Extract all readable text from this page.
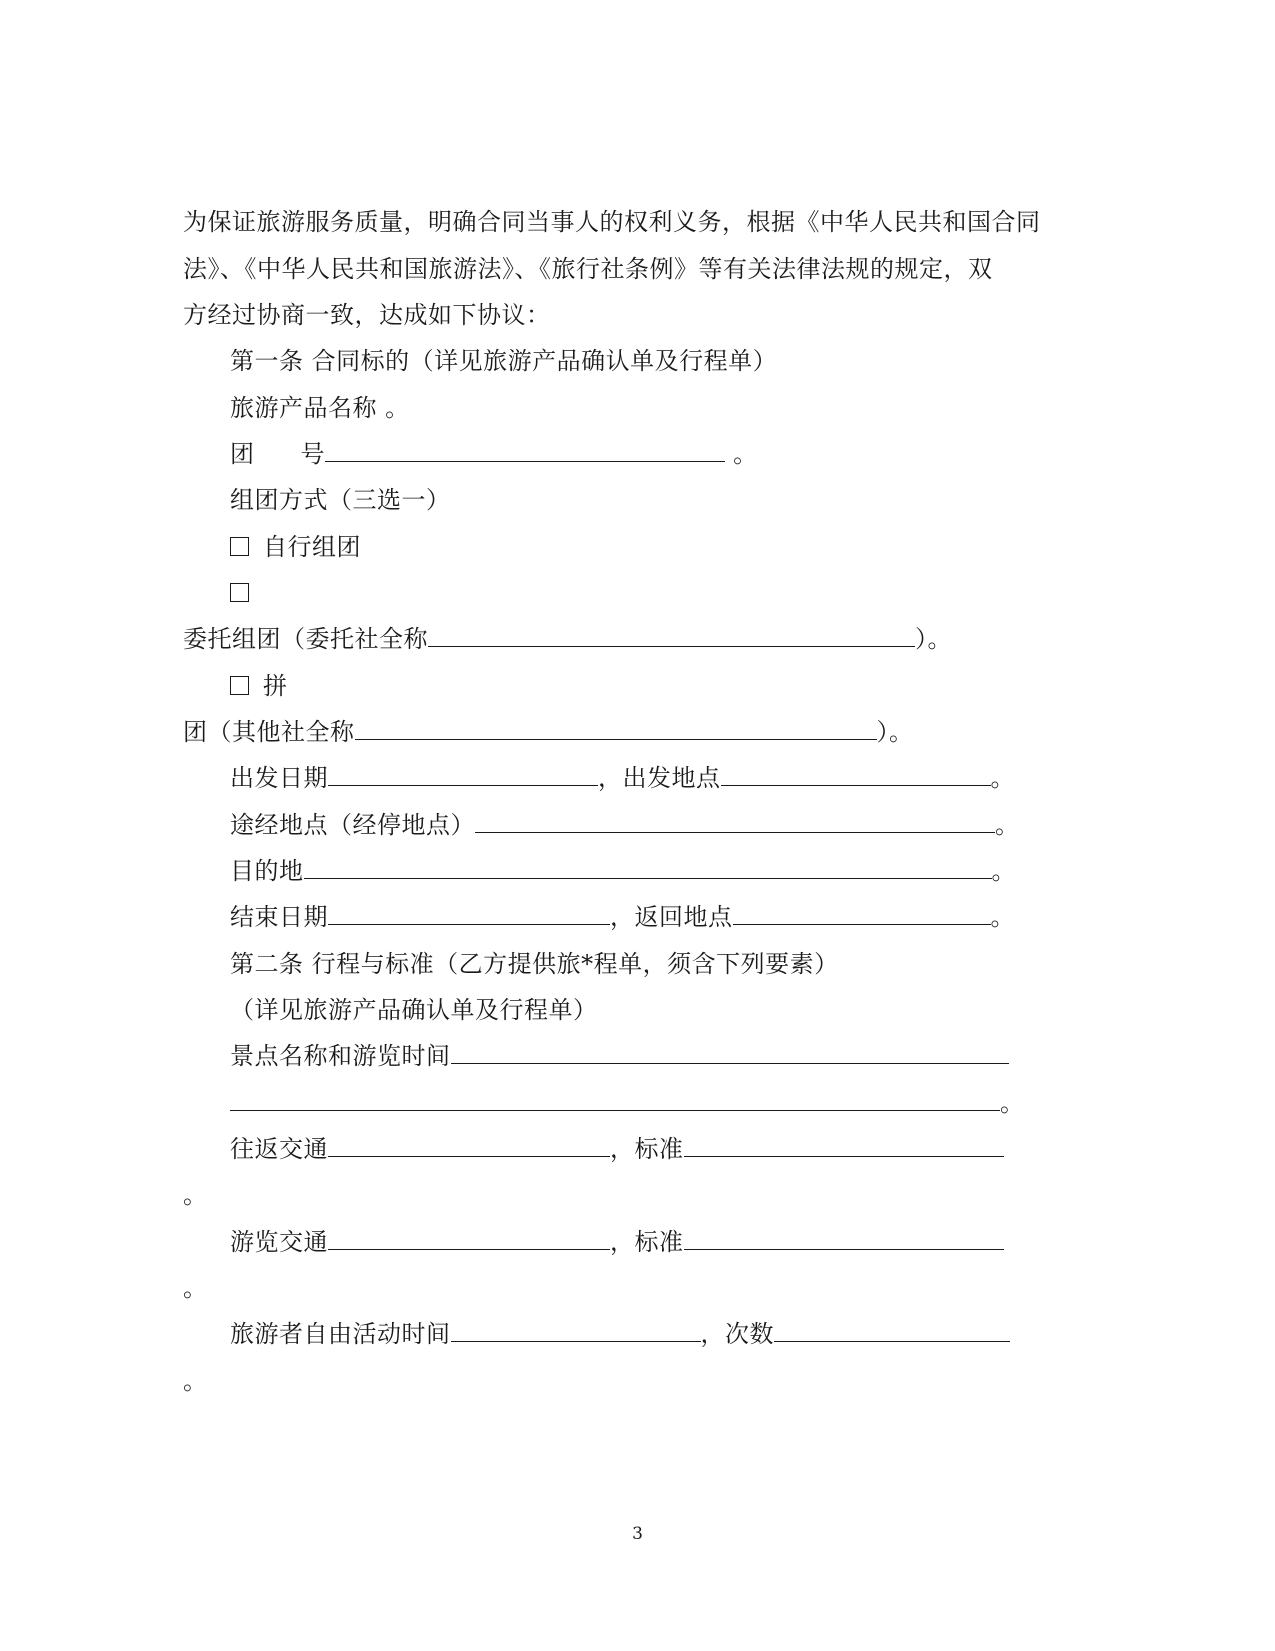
为保证旅游服务质量，明确合同当事人的权利义务，根据《中华人民共和国合同
法》、《中华人民共和国旅游法》、《旅行社条例》等有关法律法规的规定，双
方经过协商一致，达成如下协议：
第一条 合同标的（详见旅游产品确认单及行程单）
旅游产品名称 。
团 号	。
组团方式（三选一）
自行组团
委托组团（委托社全称	）。
拼
团（其他社全称	）。
出发日期	，出发地点	。
途经地点（经停地点）	。
目的地	。
结束日期	，返回地点	。
第二条 行程与标准（乙方提供旅*程单，须含下列要素）
（详见旅游产品确认单及行程单）
景点名称和游览时间
。
往返交通	，标准
。
游览交通	，标准
。
旅游者自由活动时间	，次数
。
3
